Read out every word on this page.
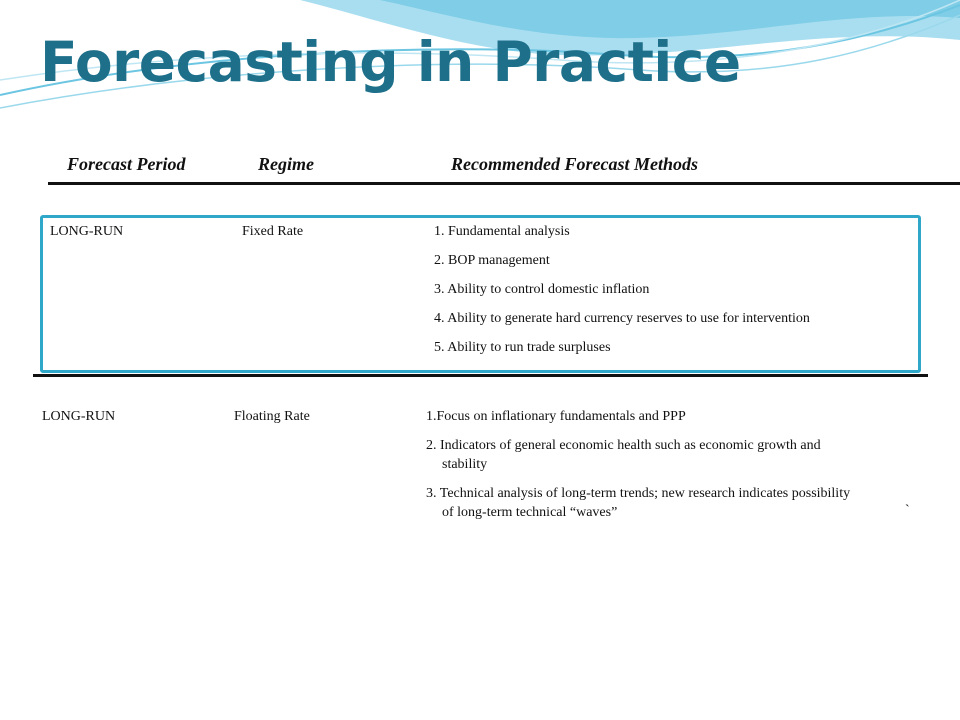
Forecasting in Practice
Forecast Period	Regime	Recommended Forecast Methods
LONG-RUN	Fixed Rate	1. Fundamental analysis
2. BOP management
3. Ability to control domestic inflation
4. Ability to generate hard currency reserves to use for intervention
5. Ability to run trade surpluses
LONG-RUN	Floating Rate	1.Focus on inflationary fundamentals and PPP
2. Indicators of general economic health such as economic growth and
stability
3. Technical analysis of long-term trends; new research indicates possibility
of long-term technical “waves”	`
